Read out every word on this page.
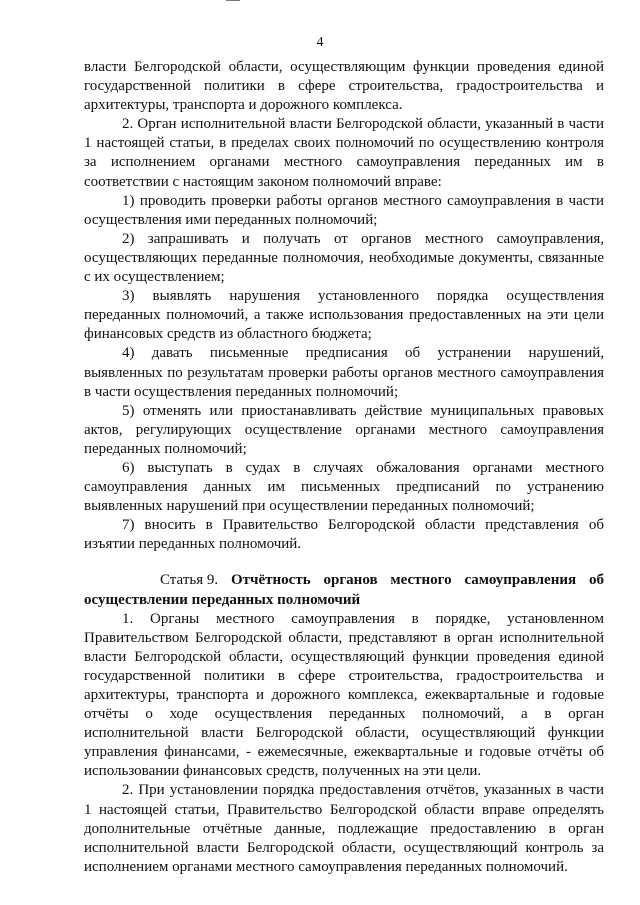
4

власти Белгородской области, осуществляющим функции проведения единой государственной политики в сфере строительства, градостроительства и архитектуры, транспорта и дорожного комплекса.

2. Орган исполнительной власти Белгородской области, указанный в части 1 настоящей статьи, в пределах своих полномочий по осуществлению контроля за исполнением органами местного самоуправления переданных им в соответствии с настоящим законом полномочий вправе:

1) проводить проверки работы органов местного самоуправления в части осуществления ими переданных полномочий;

2) запрашивать и получать от органов местного самоуправления, осуществляющих переданные полномочия, необходимые документы, связанные с их осуществлением;

3) выявлять нарушения установленного порядка осуществления переданных полномочий, а также использования предоставленных на эти цели финансовых средств из областного бюджета;

4) давать письменные предписания об устранении нарушений, выявленных по результатам проверки работы органов местного самоуправления в части осуществления переданных полномочий;

5) отменять или приостанавливать действие муниципальных правовых актов, регулирующих осуществление органами местного самоуправления переданных полномочий;

6) выступать в судах в случаях обжалования органами местного самоуправления данных им письменных предписаний по устранению выявленных нарушений при осуществлении переданных полномочий;

7) вносить в Правительство Белгородской области представления об изъятии переданных полномочий.

Статья 9. Отчётность органов местного самоуправления об осуществлении переданных полномочий

1. Органы местного самоуправления в порядке, установленном Правительством Белгородской области, представляют в орган исполнительной власти Белгородской области, осуществляющий функции проведения единой государственной политики в сфере строительства, градостроительства и архитектуры, транспорта и дорожного комплекса, ежеквартальные и годовые отчёты о ходе осуществления переданных полномочий, а в орган исполнительной власти Белгородской области, осуществляющий функции управления финансами, - ежемесячные, ежеквартальные и годовые отчёты об использовании финансовых средств, полученных на эти цели.

2. При установлении порядка предоставления отчётов, указанных в части 1 настоящей статьи, Правительство Белгородской области вправе определять дополнительные отчётные данные, подлежащие предоставлению в орган исполнительной власти Белгородской области, осуществляющий контроль за исполнением органами местного самоуправления переданных полномочий.
